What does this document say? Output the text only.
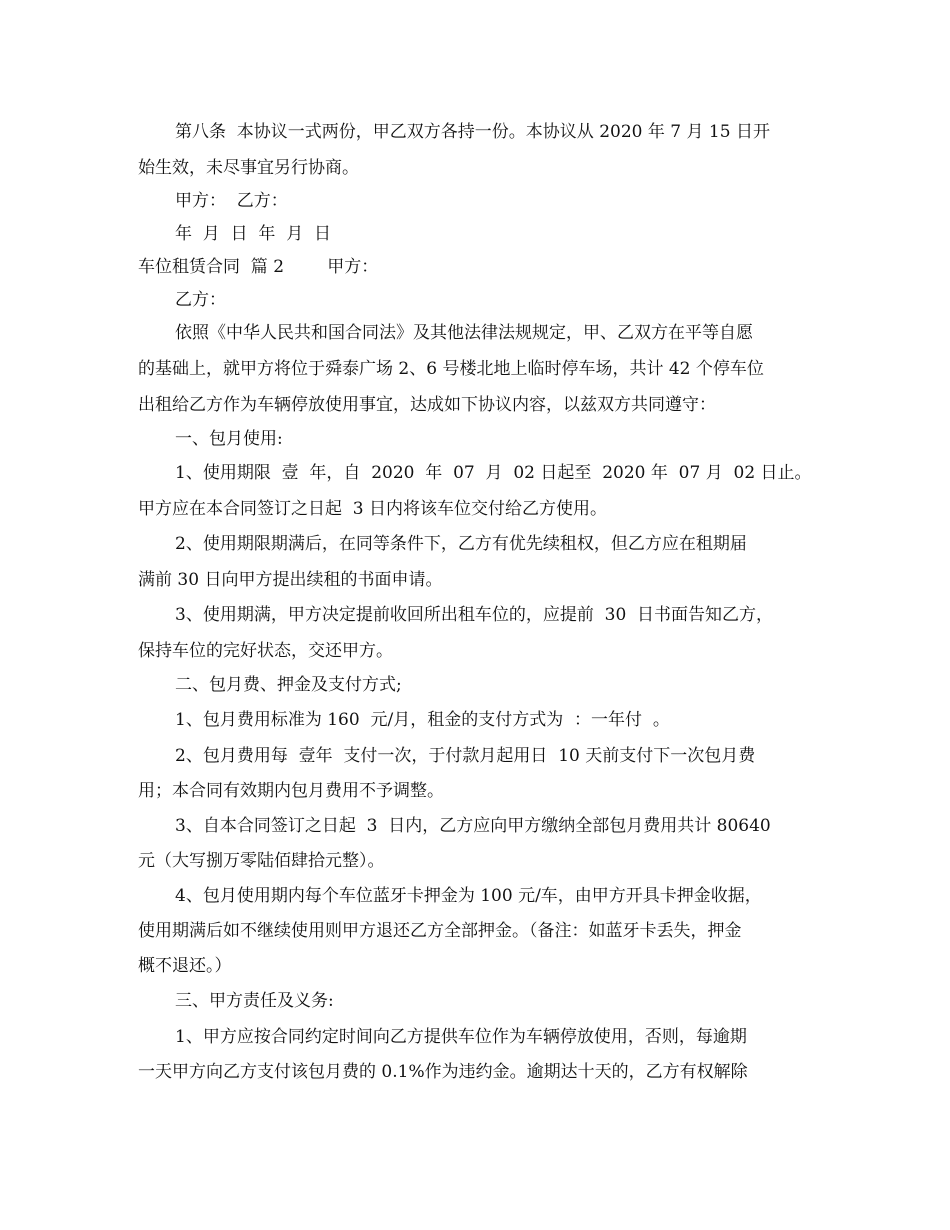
第八条  本协议一式两份，甲乙双方各持一份。本协议从 2020 年 7 月 15 日开
始生效，未尽事宜另行协商。
甲方：  乙方：
年  月  日  年  月  日
车位租赁合同  篇 2        甲方：
乙方：
依照《中华人民共和国合同法》及其他法律法规规定，甲、乙双方在平等自愿
的基础上，就甲方将位于舜泰广场 2、6 号楼北地上临时停车场，共计 42 个停车位
出租给乙方作为车辆停放使用事宜，达成如下协议内容，以兹双方共同遵守：
一、包月使用:
1、使用期限  壹  年，自  2020  年  07  月  02 日起至  2020 年  07 月  02 日止。
甲方应在本合同签订之日起  3 日内将该车位交付给乙方使用。
2、使用期限期满后，在同等条件下，乙方有优先续租权，但乙方应在租期届
满前 30 日向甲方提出续租的书面申请。
3、使用期满，甲方决定提前收回所出租车位的，应提前  30  日书面告知乙方，
保持车位的完好状态，交还甲方。
二、包月费、押金及支付方式;
1、包月费用标准为 160  元/月，租金的支付方式为  ：一年付  。
2、包月费用每  壹年  支付一次，于付款月起用日  10 天前支付下一次包月费
用；本合同有效期内包月费用不予调整。
3、自本合同签订之日起  3  日内，乙方应向甲方缴纳全部包月费用共计 80640
元（大写捌万零陆佰肆拾元整）。
4、包月使用期内每个车位蓝牙卡押金为 100 元/车，由甲方开具卡押金收据，
使用期满后如不继续使用则甲方退还乙方全部押金。（备注：如蓝牙卡丢失，押金
概不退还。）
三、甲方责任及义务:
1、甲方应按合同约定时间向乙方提供车位作为车辆停放使用，否则，每逾期
一天甲方向乙方支付该包月费的 0.1%作为违约金。逾期达十天的，乙方有权解除
